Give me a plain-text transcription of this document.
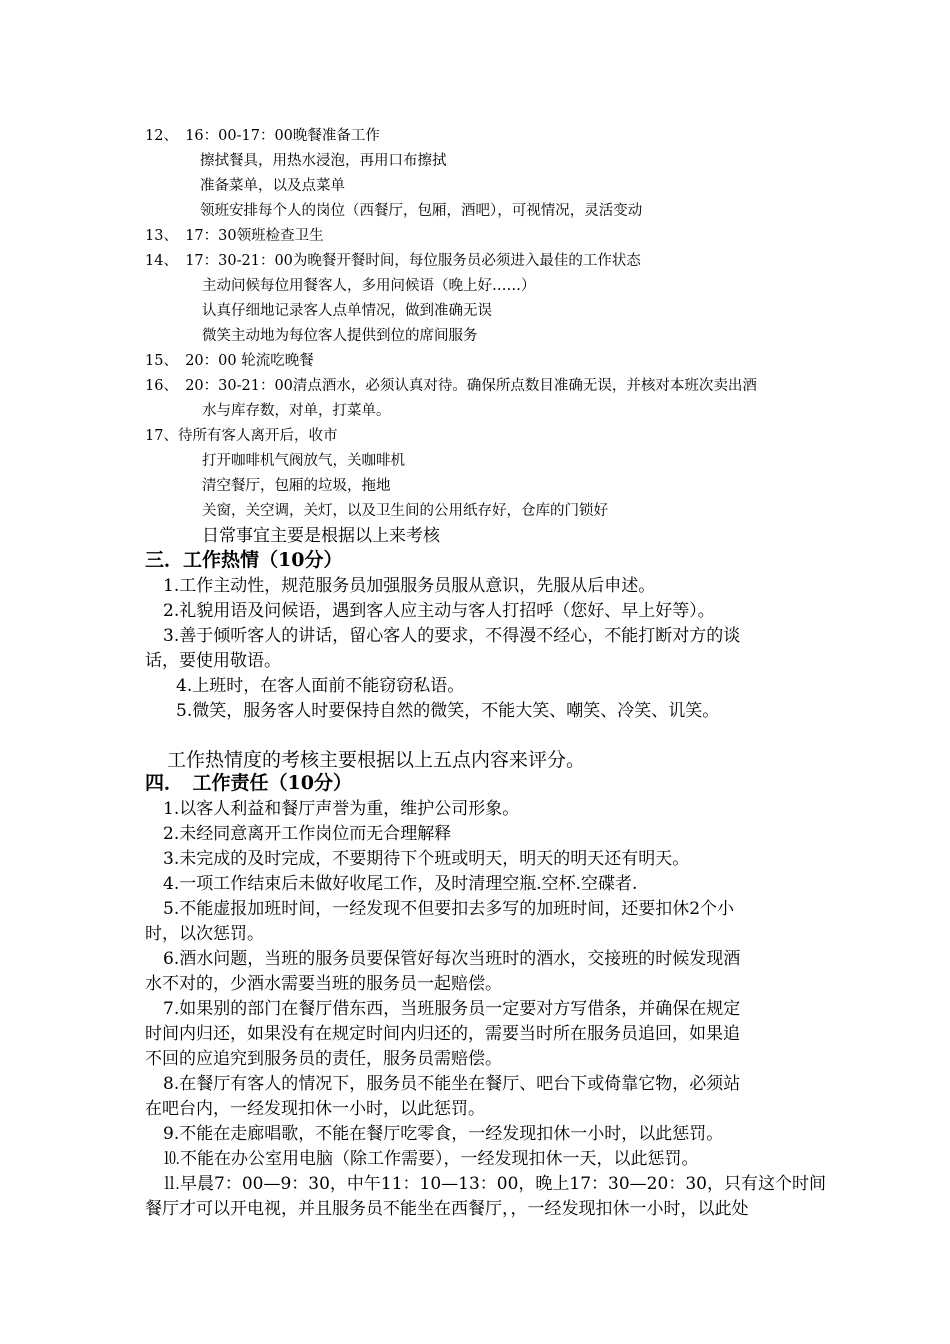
12、　16：00-17：00晚餐准备工作
擦拭餐具，用热水浸泡，再用口布擦拭
准备菜单，以及点菜单
领班安排每个人的岗位（西餐厅，包厢，酒吧），可视情况，灵活变动
13、　17：30领班检查卫生
14、　17：30-21：00为晚餐开餐时间，每位服务员必须进入最佳的工作状态
主动问候每位用餐客人，多用问候语（晚上好……）
认真仔细地记录客人点单情况，做到准确无误
微笑主动地为每位客人提供到位的席间服务
15、　20：00 轮流吃晚餐
16、　20：30-21：00清点酒水，必须认真对待。确保所点数目准确无误，并核对本班次卖出酒
水与库存数，对单，打菜单。
17、待所有客人离开后，收市
打开咖啡机气阀放气，关咖啡机
清空餐厅，包厢的垃圾，拖地
关窗，关空调，关灯，以及卫生间的公用纸存好，仓库的门锁好
日常事宜主要是根据以上来考核
三．工作热情（10分）
1.工作主动性，规范服务员加强服务员服从意识，先服从后申述。
2.礼貌用语及问候语，遇到客人应主动与客人打招呼（您好、早上好等）。
3.善于倾听客人的讲话，留心客人的要求，不得漫不经心，不能打断对方的谈
话，要使用敬语。
4.上班时，在客人面前不能窃窃私语。
5.微笑，服务客人时要保持自然的微笑，不能大笑、嘲笑、冷笑、讥笑。
工作热情度的考核主要根据以上五点内容来评分。
四．　工作责任（10分）
1.以客人利益和餐厅声誉为重，维护公司形象。
2.未经同意离开工作岗位而无合理解释
3.未完成的及时完成，不要期待下个班或明天，明天的明天还有明天。
4.一项工作结束后未做好收尾工作，及时清理空瓶.空杯.空碟者.
5.不能虚报加班时间，一经发现不但要扣去多写的加班时间，还要扣休2个小
时，以次惩罚。
6.酒水问题，当班的服务员要保管好每次当班时的酒水，交接班的时候发现酒
水不对的，少酒水需要当班的服务员一起赔偿。
7.如果别的部门在餐厅借东西，当班服务员一定要对方写借条，并确保在规定
时间内归还，如果没有在规定时间内归还的，需要当时所在服务员追回，如果追
不回的应追究到服务员的责任，服务员需赔偿。
8.在餐厅有客人的情况下，服务员不能坐在餐厅、吧台下或倚靠它物，必须站
在吧台内，一经发现扣休一小时，以此惩罚。
9.不能在走廊唱歌，不能在餐厅吃零食，一经发现扣休一小时，以此惩罚。
⒑不能在办公室用电脑（除工作需要），一经发现扣休一天，以此惩罚。
⒒早晨7：00—9：30，中午11：10—13：00，晚上17：30—20：30，只有这个时间
餐厅才可以开电视，并且服务员不能坐在西餐厅，，一经发现扣休一小时，以此处
